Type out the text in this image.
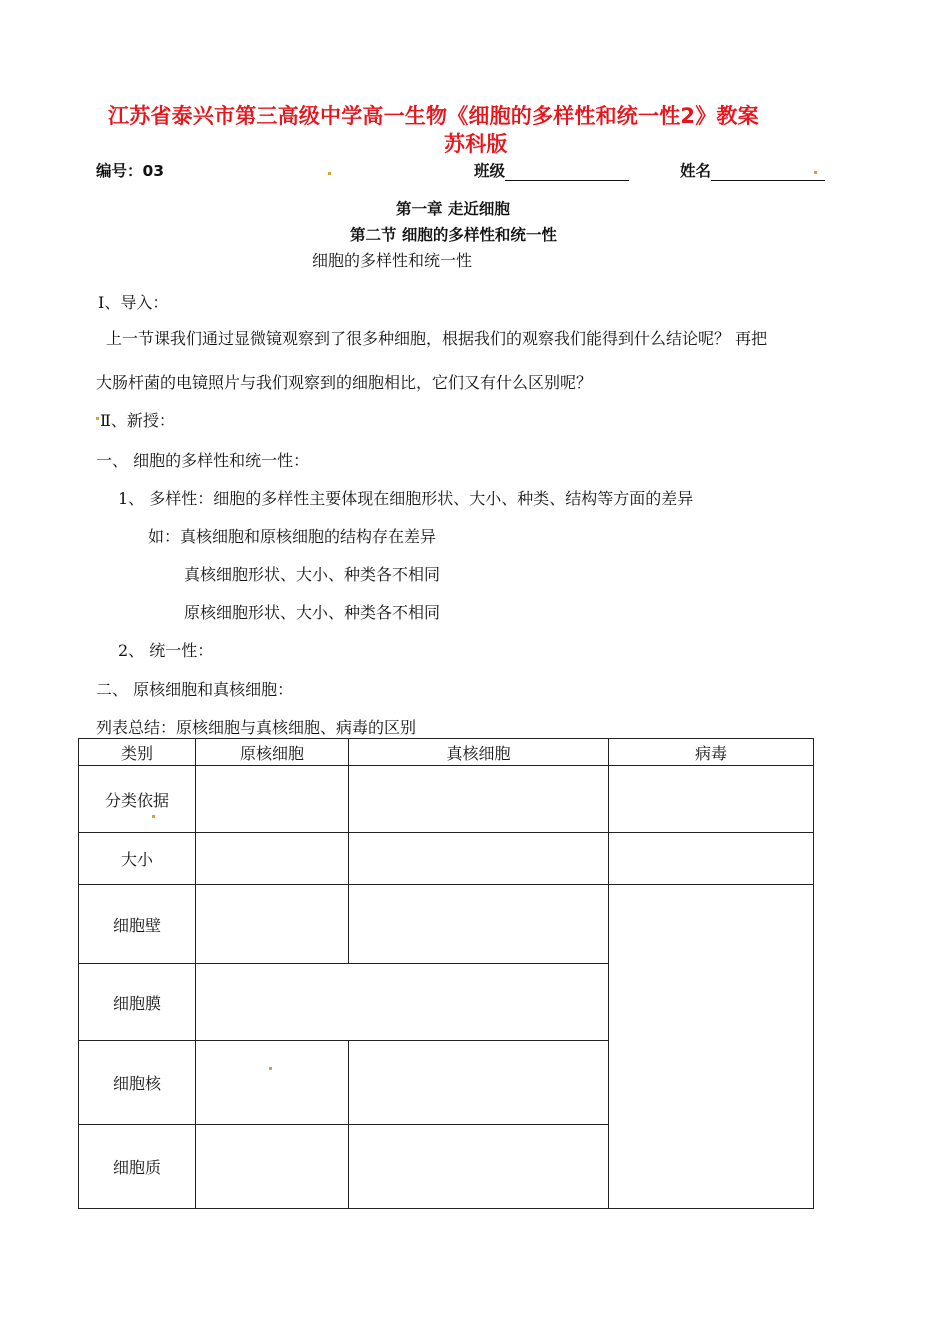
江苏省泰兴市第三高级中学高一生物《细胞的多样性和统一性2》教案
苏科版
编号：03	班级	姓名
第一章 走近细胞
第二节 细胞的多样性和统一性
细胞的多样性和统一性
Ⅰ、导入：
上一节课我们通过显微镜观察到了很多种细胞，根据我们的观察我们能得到什么结论呢？ 再把
大肠杆菌的电镜照片与我们观察到的细胞相比，它们又有什么区别呢？
Ⅱ、新授：
一、 细胞的多样性和统一性：
1、 多样性：细胞的多样性主要体现在细胞形状、大小、种类、结构等方面的差异
如：真核细胞和原核细胞的结构存在差异
真核细胞形状、大小、种类各不相同
原核细胞形状、大小、种类各不相同
2、 统一性：
二、 原核细胞和真核细胞：
列表总结：原核细胞与真核细胞、病毒的区别
类别	原核细胞	真核细胞	病毒
分类依据			
大小			
细胞壁			
细胞膜			
细胞核			
细胞质			
